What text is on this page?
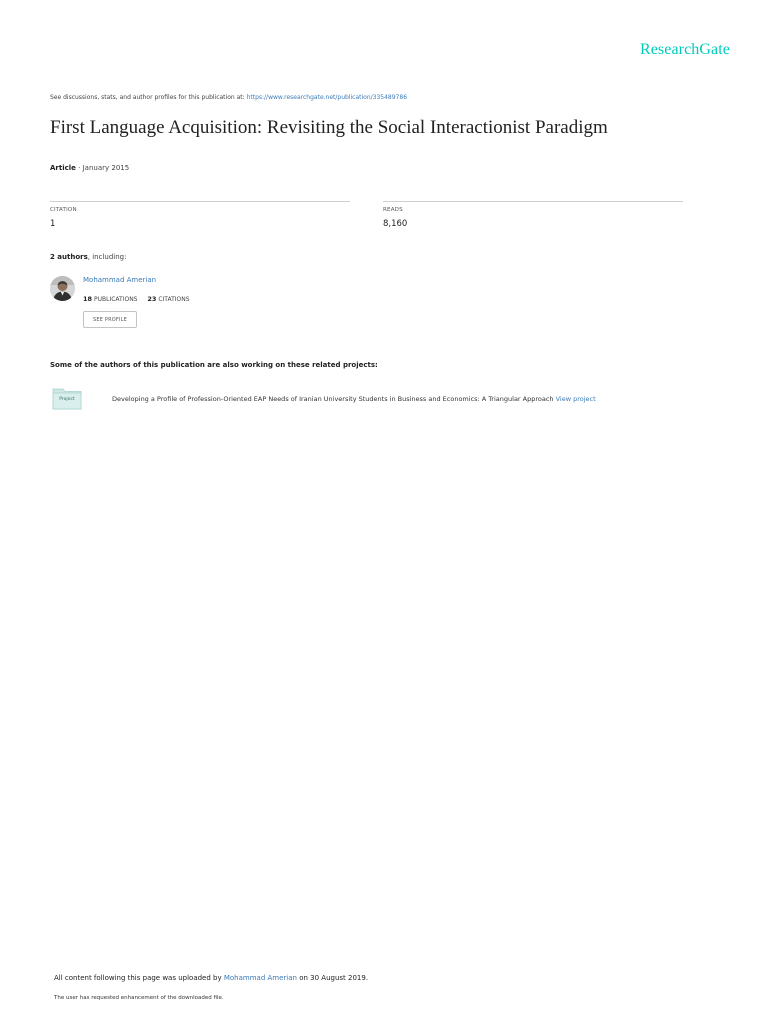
ResearchGate
See discussions, stats, and author profiles for this publication at: https://www.researchgate.net/publication/335489786
First Language Acquisition: Revisiting the Social Interactionist Paradigm
Article · January 2015
CITATION
1
READS
8,160
2 authors, including:
Mohammad Amerian
18 PUBLICATIONS 23 CITATIONS
SEE PROFILE
Some of the authors of this publication are also working on these related projects:
Project	Developing a Profile of Profession-Oriented EAP Needs of Iranian University Students in Business and Economics: A Triangular Approach View project
All content following this page was uploaded by Mohammad Amerian on 30 August 2019.
The user has requested enhancement of the downloaded file.
